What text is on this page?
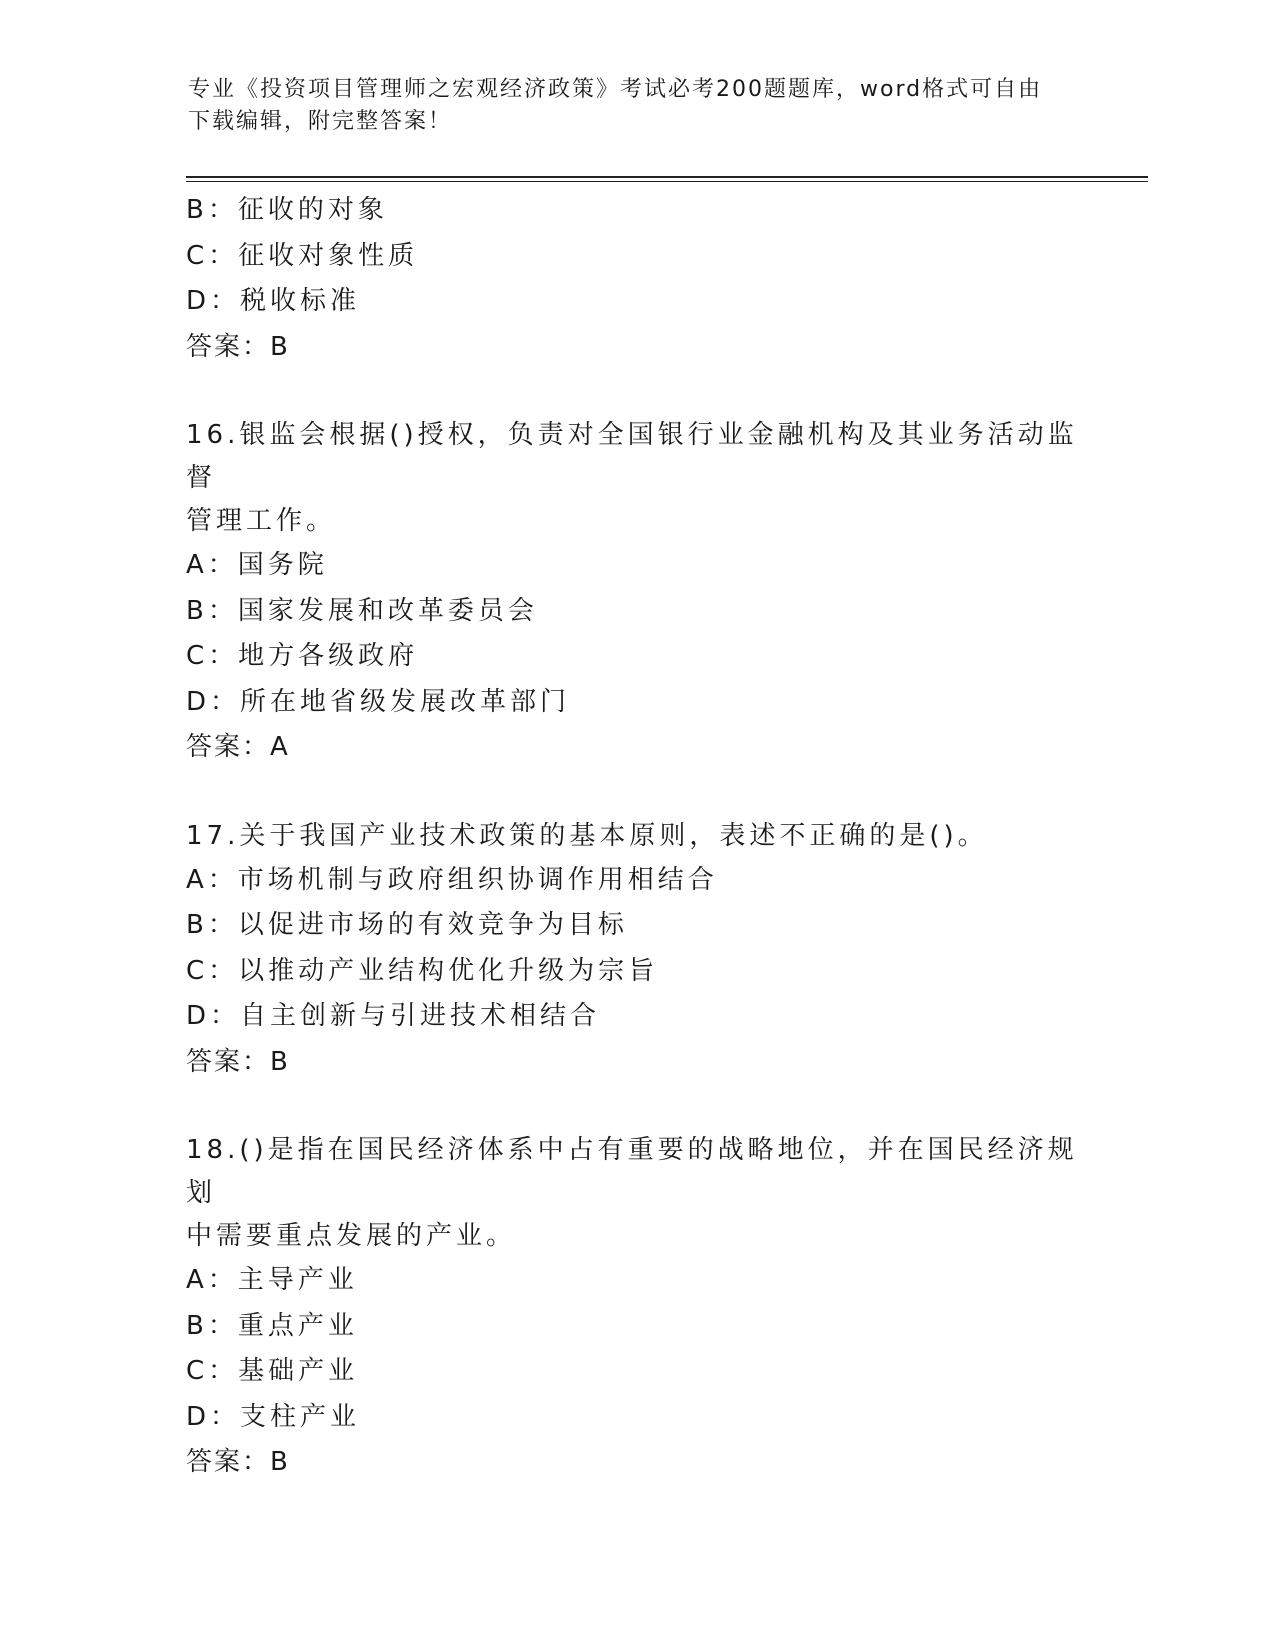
专业《投资项目管理师之宏观经济政策》考试必考200题题库，word格式可自由
下载编辑，附完整答案！
B：征收的对象
C：征收对象性质
D：税收标准
答案：B
16.银监会根据()授权，负责对全国银行业金融机构及其业务活动监督
管理工作。
A：国务院
B：国家发展和改革委员会
C：地方各级政府
D：所在地省级发展改革部门
答案：A
17.关于我国产业技术政策的基本原则，表述不正确的是()。
A：市场机制与政府组织协调作用相结合
B：以促进市场的有效竞争为目标
C：以推动产业结构优化升级为宗旨
D：自主创新与引进技术相结合
答案：B
18.()是指在国民经济体系中占有重要的战略地位，并在国民经济规划
中需要重点发展的产业。
A：主导产业
B：重点产业
C：基础产业
D：支柱产业
答案：B
